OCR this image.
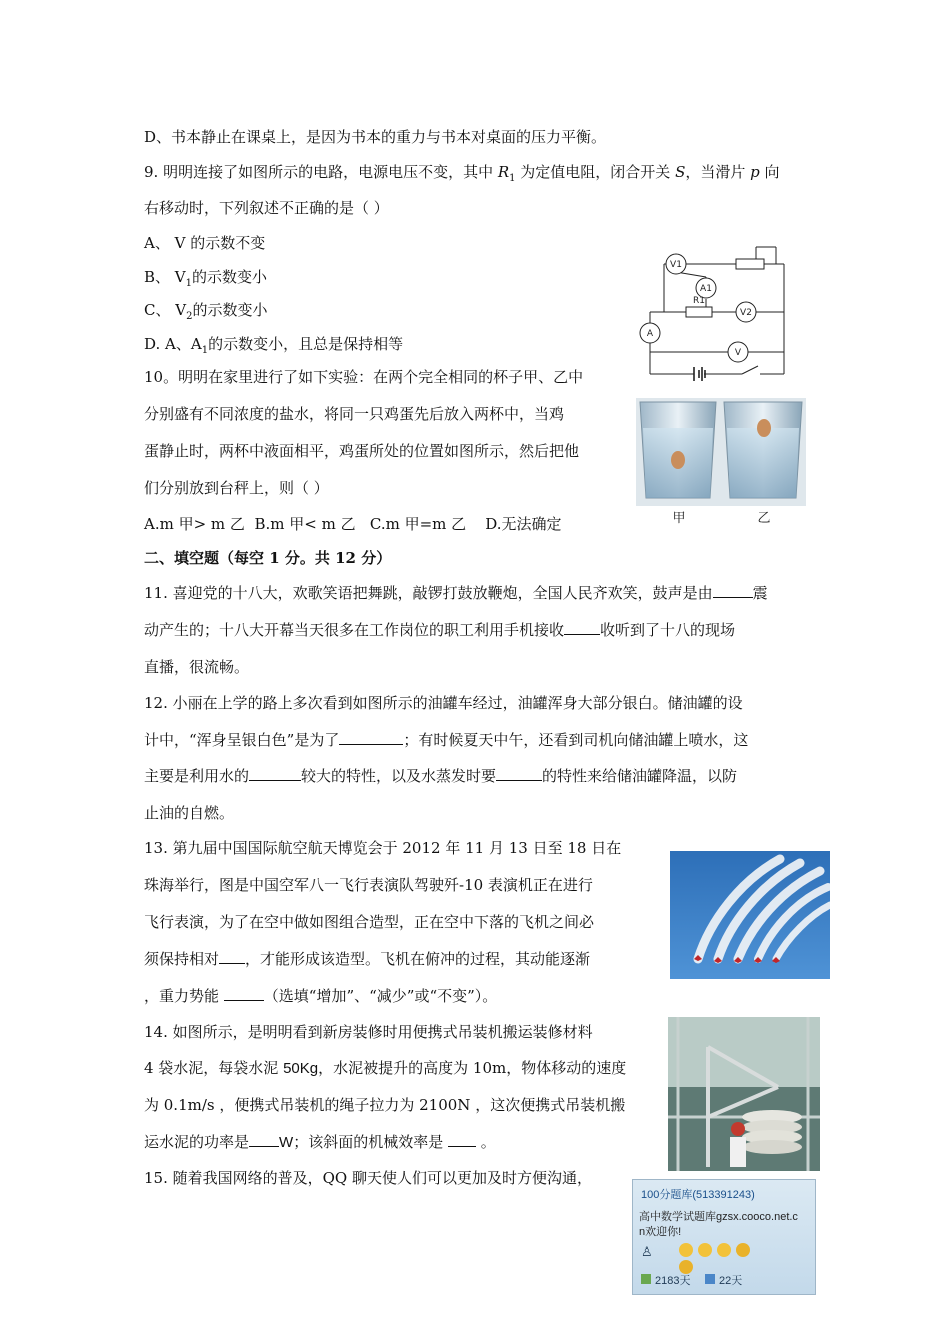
D、书本静止在课桌上，是因为书本的重力与书本对桌面的压力平衡。
9. 明明连接了如图所示的电路，电源电压不变，其中 $R_1$ 为定值电阻，闭合开关 S，当滑片 p 向
右移动时，下列叙述不正确的是（ ）
A、 V 的示数不变
B、 $V_1$的示数变小
C、 $V_2$的示数变小
D. A、$A_1$的示数变小，且总是保持相等
V1
A1
R1
V2
A
V
10。明明在家里进行了如下实验：在两个完全相同的杯子甲、乙中
分别盛有不同浓度的盐水，将同一只鸡蛋先后放入两杯中，当鸡
蛋静止时，两杯中液面相平，鸡蛋所处的位置如图所示，然后把他
们分别放到台秤上，则（ ）
A.m 甲> m 乙 B.m 甲< m 乙 C.m 甲=m 乙 D.无法确定	甲	乙
二、填空题（每空 1 分。共 12 分）
11. 喜迎党的十八大，欢歌笑语把舞跳，敲锣打鼓放鞭炮，全国人民齐欢笑，鼓声是由	震
动产生的；十八大开幕当天很多在工作岗位的职工利用手机接收 收听到了十八的现场
直播，很流畅。
12. 小丽在上学的路上多次看到如图所示的油罐车经过，油罐浑身大部分银白。储油罐的设
计中，“浑身呈银白色”是为了	；有时候夏天中午，还看到司机向储油罐上喷水，这
主要是利用水的	较大的特性，以及水蒸发时要	的特性来给储油罐降温，以防
止油的自燃。
13. 第九届中国国际航空航天博览会于 2012 年 11 月 13 日至 18 日在
珠海举行，图是中国空军八一飞行表演队驾驶歼-10 表演机正在进行
飞行表演，为了在空中做如图组合造型，正在空中下落的飞机之间必
须保持相对 ，才能形成该造型。飞机在俯冲的过程，其动能逐渐
，重力势能	（选填“增加”、“减少”或“不变”）。
14. 如图所示，是明明看到新房装修时用便携式吊装机搬运装修材料
4 袋水泥，每袋水泥 50Kg，水泥被提升的高度为 10m，物体移动的速度
为 0.1m/s ，便携式吊装机的绳子拉力为 2100N ，这次便携式吊装机搬
运水泥的功率是 W；该斜面的机械效率是  。
15. 随着我国网络的普及，QQ 聊天使人们可以更加及时方便沟通，
100分题库(513391243)
高中数学试题库gzsx.cooco.net.c
n欢迎你!
♙

2183天	22天
